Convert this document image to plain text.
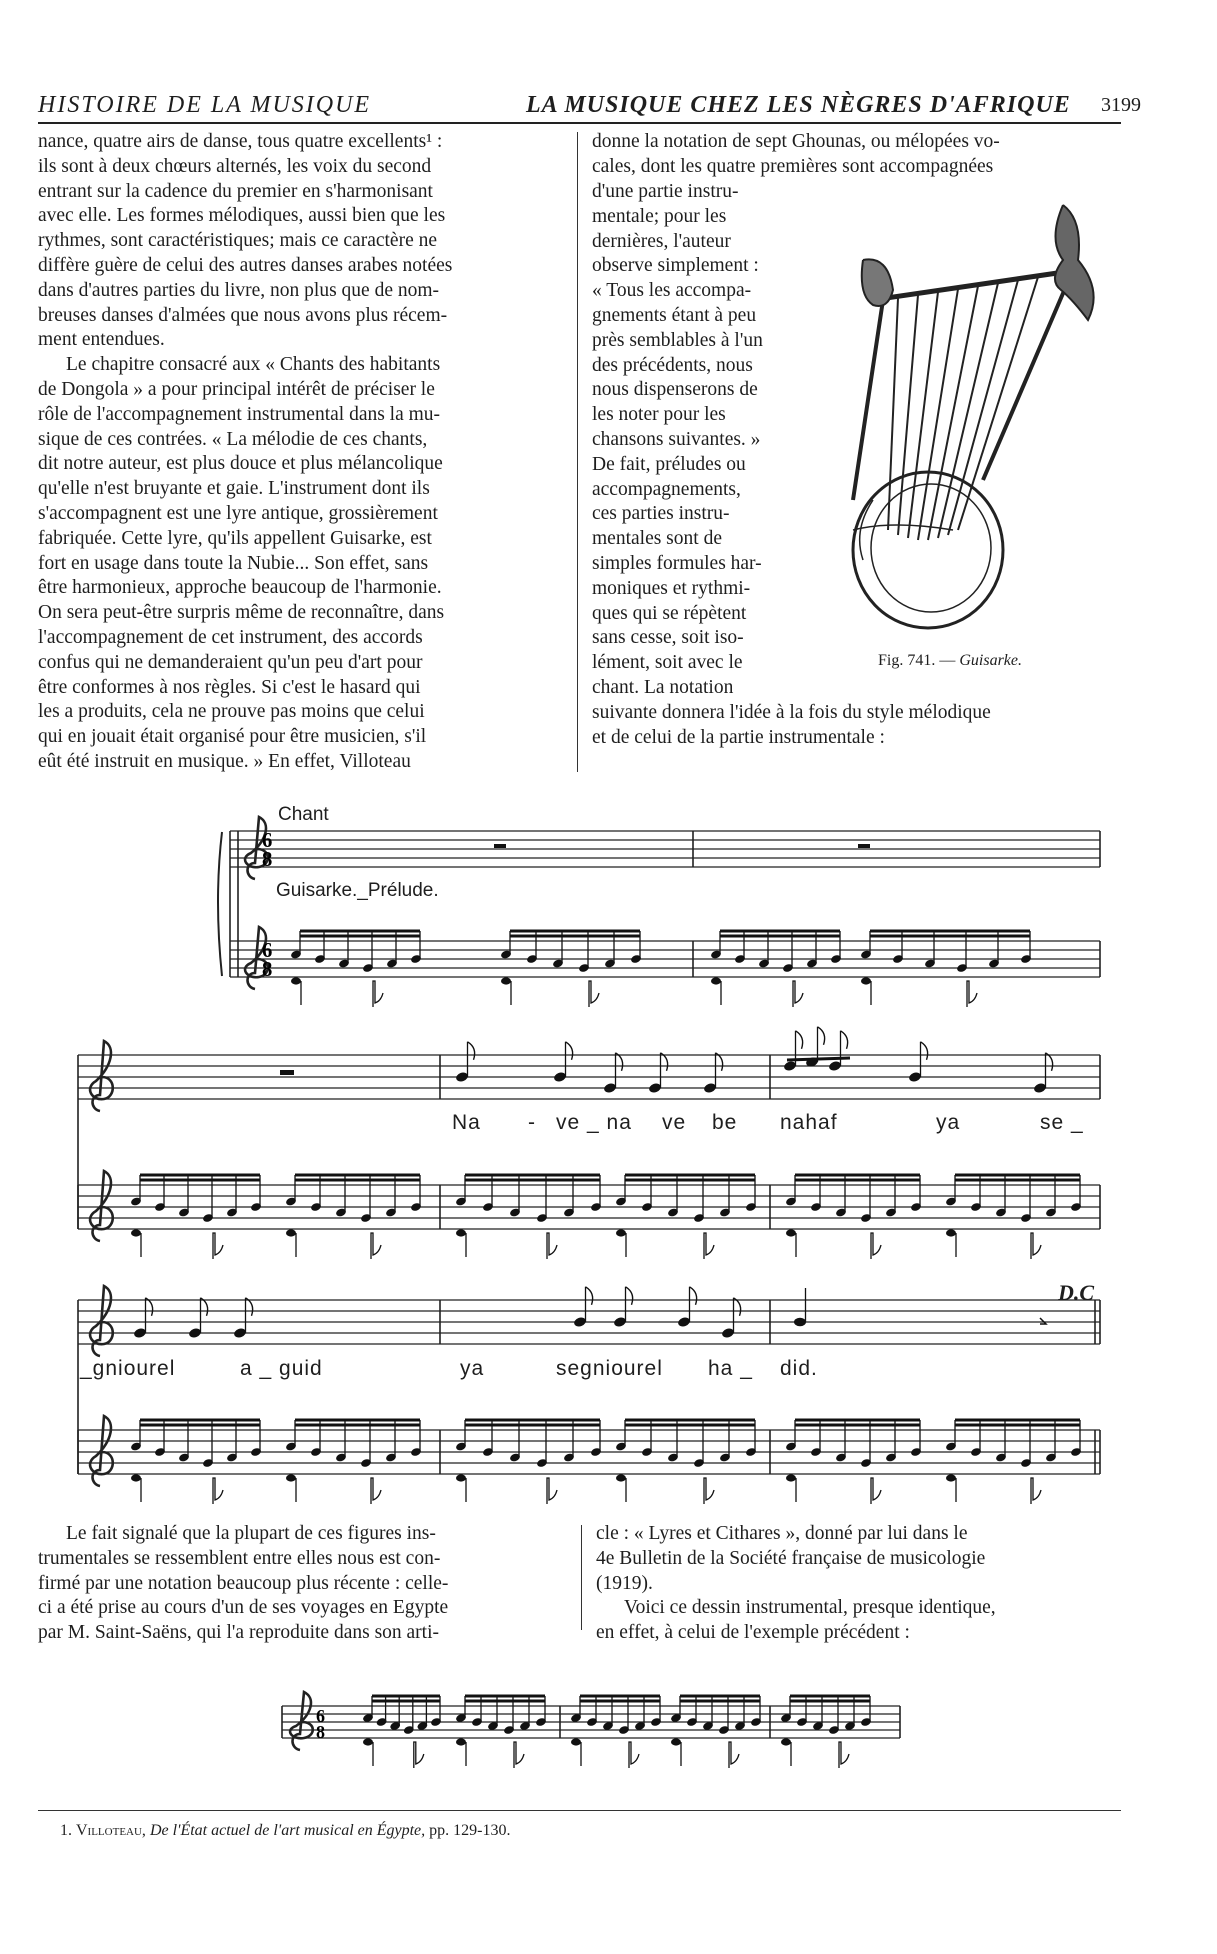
HISTOIRE DE LA MUSIQUE	LA MUSIQUE CHEZ LES NÈGRES D'AFRIQUE 3199
nance, quatre airs de danse, tous quatre excellents¹ :
ils sont à deux chœurs alternés, les voix du second
entrant sur la cadence du premier en s'harmonisant
avec elle. Les formes mélodiques, aussi bien que les
rythmes, sont caractéristiques; mais ce caractère ne
diffère guère de celui des autres danses arabes notées
dans d'autres parties du livre, non plus que de nom-
breuses danses d'almées que nous avons plus récem-
ment entendues.
Le chapitre consacré aux « Chants des habitants
de Dongola » a pour principal intérêt de préciser le
rôle de l'accompagnement instrumental dans la mu-
sique de ces contrées. « La mélodie de ces chants,
dit notre auteur, est plus douce et plus mélancolique
qu'elle n'est bruyante et gaie. L'instrument dont ils
s'accompagnent est une lyre antique, grossièrement
fabriquée. Cette lyre, qu'ils appellent Guisarke, est
fort en usage dans toute la Nubie... Son effet, sans
être harmonieux, approche beaucoup de l'harmonie.
On sera peut-être surpris même de reconnaître, dans
l'accompagnement de cet instrument, des accords
confus qui ne demanderaient qu'un peu d'art pour
être conformes à nos règles. Si c'est le hasard qui
les a produits, cela ne prouve pas moins que celui
qui en jouait était organisé pour être musicien, s'il
eût été instruit en musique. » En effet, Villoteau
donne la notation de sept Ghounas, ou mélopées vo-
cales, dont les quatre premières sont accompagnées
d'une partie instru-
mentale; pour les
dernières, l'auteur
observe simplement :
« Tous les accompa-
gnements étant à peu
près semblables à l'un
des précédents, nous
nous dispenserons de
les noter pour les
chansons suivantes. »
De fait, préludes ou
accompagnements,
ces parties instru-
mentales sont de
simples formules har-
moniques et rythmi-
ques qui se répètent
sans cesse, soit iso-
lément, soit avec le
chant. La notation
suivante donnera l'idée à la fois du style mélodique
et de celui de la partie instrumentale :
Fig. 741. — Guisarke.
6
8
6
8
6
8
Chant
Guisarke._Prélude.
Na - ve _ na ve be nahaf	ya	se _
_gniourel	a _ guid	ya	segniourel ha _ did.
D.C
Le fait signalé que la plupart de ces figures ins-
trumentales se ressemblent entre elles nous est con-
firmé par une notation beaucoup plus récente : celle-
ci a été prise au cours d'un de ses voyages en Egypte
par M. Saint-Saëns, qui l'a reproduite dans son arti-
cle : « Lyres et Cithares », donné par lui dans le
4e Bulletin de la Société française de musicologie
(1919).
Voici ce dessin instrumental, presque identique,
en effet, à celui de l'exemple précédent :
1. Villoteau, De l'État actuel de l'art musical en Égypte, pp. 129-130.
